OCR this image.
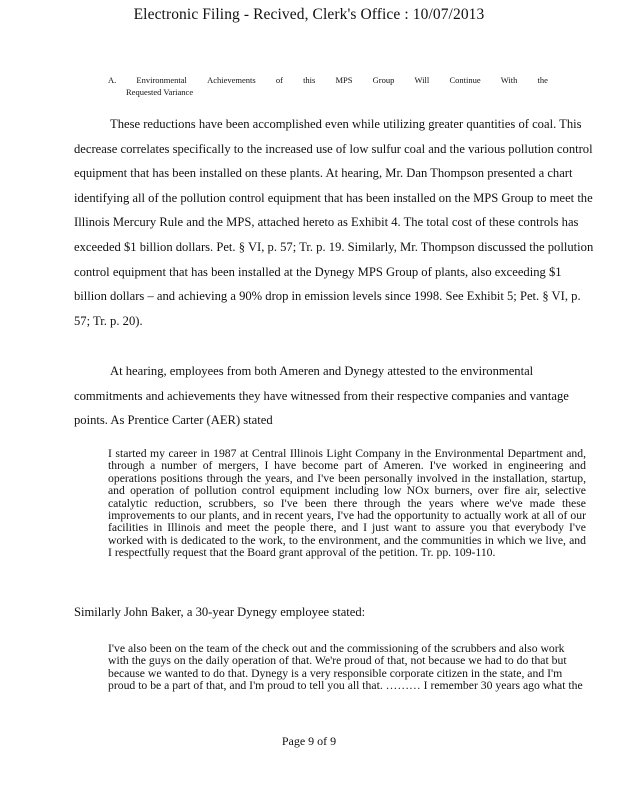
Electronic Filing - Recived, Clerk's Office : 10/07/2013
A. Environmental Achievements of this MPS Group Will Continue With the
Requested Variance

These reductions have been accomplished even while utilizing greater quantities of coal. This decrease correlates specifically to the increased use of low sulfur coal and the various pollution control equipment that has been installed on these plants. At hearing, Mr. Dan Thompson presented a chart identifying all of the pollution control equipment that has been installed on the MPS Group to meet the Illinois Mercury Rule and the MPS, attached hereto as Exhibit 4. The total cost of these controls has exceeded $1 billion dollars. Pet. § VI, p. 57; Tr. p. 19. Similarly, Mr. Thompson discussed the pollution control equipment that has been installed at the Dynegy MPS Group of plants, also exceeding $1 billion dollars – and achieving a 90% drop in emission levels since 1998. See Exhibit 5; Pet. § VI, p. 57; Tr. p. 20).

At hearing, employees from both Ameren and Dynegy attested to the environmental commitments and achievements they have witnessed from their respective companies and vantage points. As Prentice Carter (AER) stated

I started my career in 1987 at Central Illinois Light Company in the Environmental Department and, through a number of mergers, I have become part of Ameren. I've worked in engineering and operations positions through the years, and I've been personally involved in the installation, startup, and operation of pollution control equipment including low NOx burners, over fire air, selective catalytic reduction, scrubbers, so I've been there through the years where we've made these improvements to our plants, and in recent years, I've had the opportunity to actually work at all of our facilities in Illinois and meet the people there, and I just want to assure you that everybody I've worked with is dedicated to the work, to the environment, and the communities in which we live, and I respectfully request that the Board grant approval of the petition. Tr. pp. 109-110.

Similarly John Baker, a 30-year Dynegy employee stated:

I've also been on the team of the check out and the commissioning of the scrubbers and also work with the guys on the daily operation of that. We're proud of that, not because we had to do that but because we wanted to do that. Dynegy is a very responsible corporate citizen in the state, and I'm proud to be a part of that, and I'm proud to tell you all that. ……… I remember 30 years ago what the

Page 9 of 9
